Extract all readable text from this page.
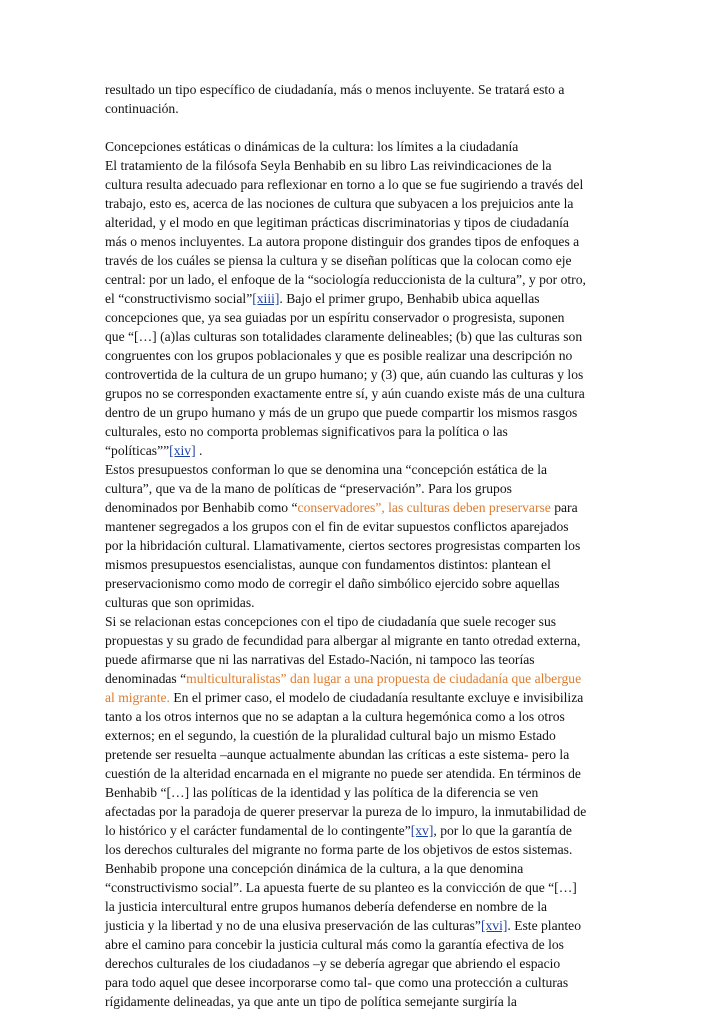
resultado un tipo específico de ciudadanía, más o menos incluyente. Se tratará esto a
continuación.

Concepciones estáticas o dinámicas de la cultura: los límites a la ciudadanía

El tratamiento de la filósofa Seyla Benhabib en su libro Las reivindicaciones de la
cultura resulta adecuado para reflexionar en torno a lo que se fue sugiriendo a través del
trabajo, esto es, acerca de las nociones de cultura que subyacen a los prejuicios ante la
alteridad, y el modo en que legitiman prácticas discriminatorias y tipos de ciudadanía
más o menos incluyentes. La autora propone distinguir dos grandes tipos de enfoques a
través de los cuáles se piensa la cultura y se diseñan políticas que la colocan como eje
central: por un lado, el enfoque de la “sociología reduccionista de la cultura”, y por otro,
el “constructivismo social”[xiii]. Bajo el primer grupo, Benhabib ubica aquellas
concepciones que, ya sea guiadas por un espíritu conservador o progresista, suponen
que “[…] (a)las culturas son totalidades claramente delineables; (b) que las culturas son
congruentes con los grupos poblacionales y que es posible realizar una descripción no
controvertida de la cultura de un grupo humano; y (3) que, aún cuando las culturas y los
grupos no se corresponden exactamente entre sí, y aún cuando existe más de una cultura
dentro de un grupo humano y más de un grupo que puede compartir los mismos rasgos
culturales, esto no comporta problemas significativos para la política o las
“políticas””[xiv] .

Estos presupuestos conforman lo que se denomina una “concepción estática de la
cultura”, que va de la mano de políticas de “preservación”. Para los grupos
denominados por Benhabib como “conservadores”, las culturas deben preservarse para
mantener segregados a los grupos con el fin de evitar supuestos conflictos aparejados
por la hibridación cultural. Llamativamente, ciertos sectores progresistas comparten los
mismos presupuestos esencialistas, aunque con fundamentos distintos: plantean el
preservacionismo como modo de corregir el daño simbólico ejercido sobre aquellas
culturas que son oprimidas.

Si se relacionan estas concepciones con el tipo de ciudadanía que suele recoger sus
propuestas y su grado de fecundidad para albergar al migrante en tanto otredad externa,
puede afirmarse que ni las narrativas del Estado-Nación, ni tampoco las teorías
denominadas “multiculturalistas” dan lugar a una propuesta de ciudadanía que albergue
al migrante. En el primer caso, el modelo de ciudadanía resultante excluye e invisibiliza
tanto a los otros internos que no se adaptan a la cultura hegemónica como a los otros
externos; en el segundo, la cuestión de la pluralidad cultural bajo un mismo Estado
pretende ser resuelta –aunque actualmente abundan las críticas a este sistema- pero la
cuestión de la alteridad encarnada en el migrante no puede ser atendida. En términos de
Benhabib “[…] las políticas de la identidad y las política de la diferencia se ven
afectadas por la paradoja de querer preservar la pureza de lo impuro, la inmutabilidad de
lo histórico y el carácter fundamental de lo contingente”[xv], por lo que la garantía de
los derechos culturales del migrante no forma parte de los objetivos de estos sistemas.

Benhabib propone una concepción dinámica de la cultura, a la que denomina
“constructivismo social”. La apuesta fuerte de su planteo es la convicción de que “[…]
la justicia intercultural entre grupos humanos debería defenderse en nombre de la
justicia y la libertad y no de una elusiva preservación de las culturas”[xvi]. Este planteo
abre el camino para concebir la justicia cultural más como la garantía efectiva de los
derechos culturales de los ciudadanos –y se debería agregar que abriendo el espacio
para todo aquel que desee incorporarse como tal- que como una protección a culturas
rígidamente delineadas, ya que ante un tipo de política semejante surgiría la
